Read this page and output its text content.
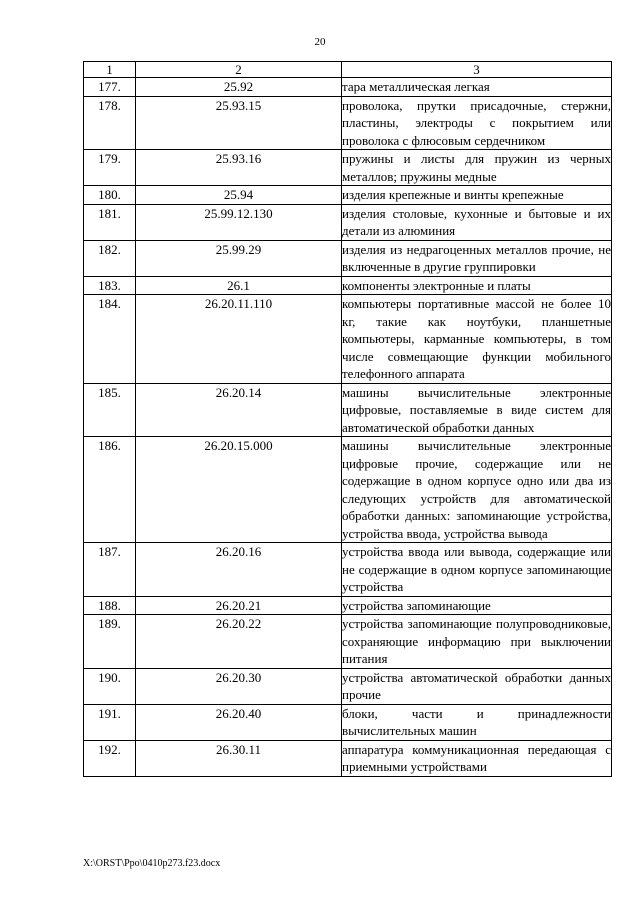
20
1	2	3
177.	25.92	тара металлическая легкая
178.	25.93.15	проволока, прутки присадочные, стержни, пластины, электроды с покрытием или проволока с флюсовым сердечником
179.	25.93.16	пружины и листы для пружин из черных металлов; пружины медные
180.	25.94	изделия крепежные и винты крепежные
181.	25.99.12.130	изделия столовые, кухонные и бытовые и их детали из алюминия
182.	25.99.29	изделия из недрагоценных металлов прочие, не включенные в другие группировки
183.	26.1	компоненты электронные и платы
184.	26.20.11.110	компьютеры портативные массой не более 10 кг, такие как ноутбуки, планшетные компьютеры, карманные компьютеры, в том числе совмещающие функции мобильного телефонного аппарата
185.	26.20.14	машины вычислительные электронные цифровые, поставляемые в виде систем для автоматической обработки данных
186.	26.20.15.000	машины вычислительные электронные цифровые прочие, содержащие или не содержащие в одном корпусе одно или два из следующих устройств для автоматической обработки данных: запоминающие устройства, устройства ввода, устройства вывода
187.	26.20.16	устройства ввода или вывода, содержащие или не содержащие в одном корпусе запоминающие устройства
188.	26.20.21	устройства запоминающие
189.	26.20.22	устройства запоминающие полупроводниковые, сохраняющие информацию при выключении питания
190.	26.20.30	устройства автоматической обработки данных прочие
191.	26.20.40	блоки, части и принадлежности вычислительных машин
192.	26.30.11	аппаратура коммуникационная передающая с приемными устройствами
X:\ORST\Ppo\0410p273.f23.docx
